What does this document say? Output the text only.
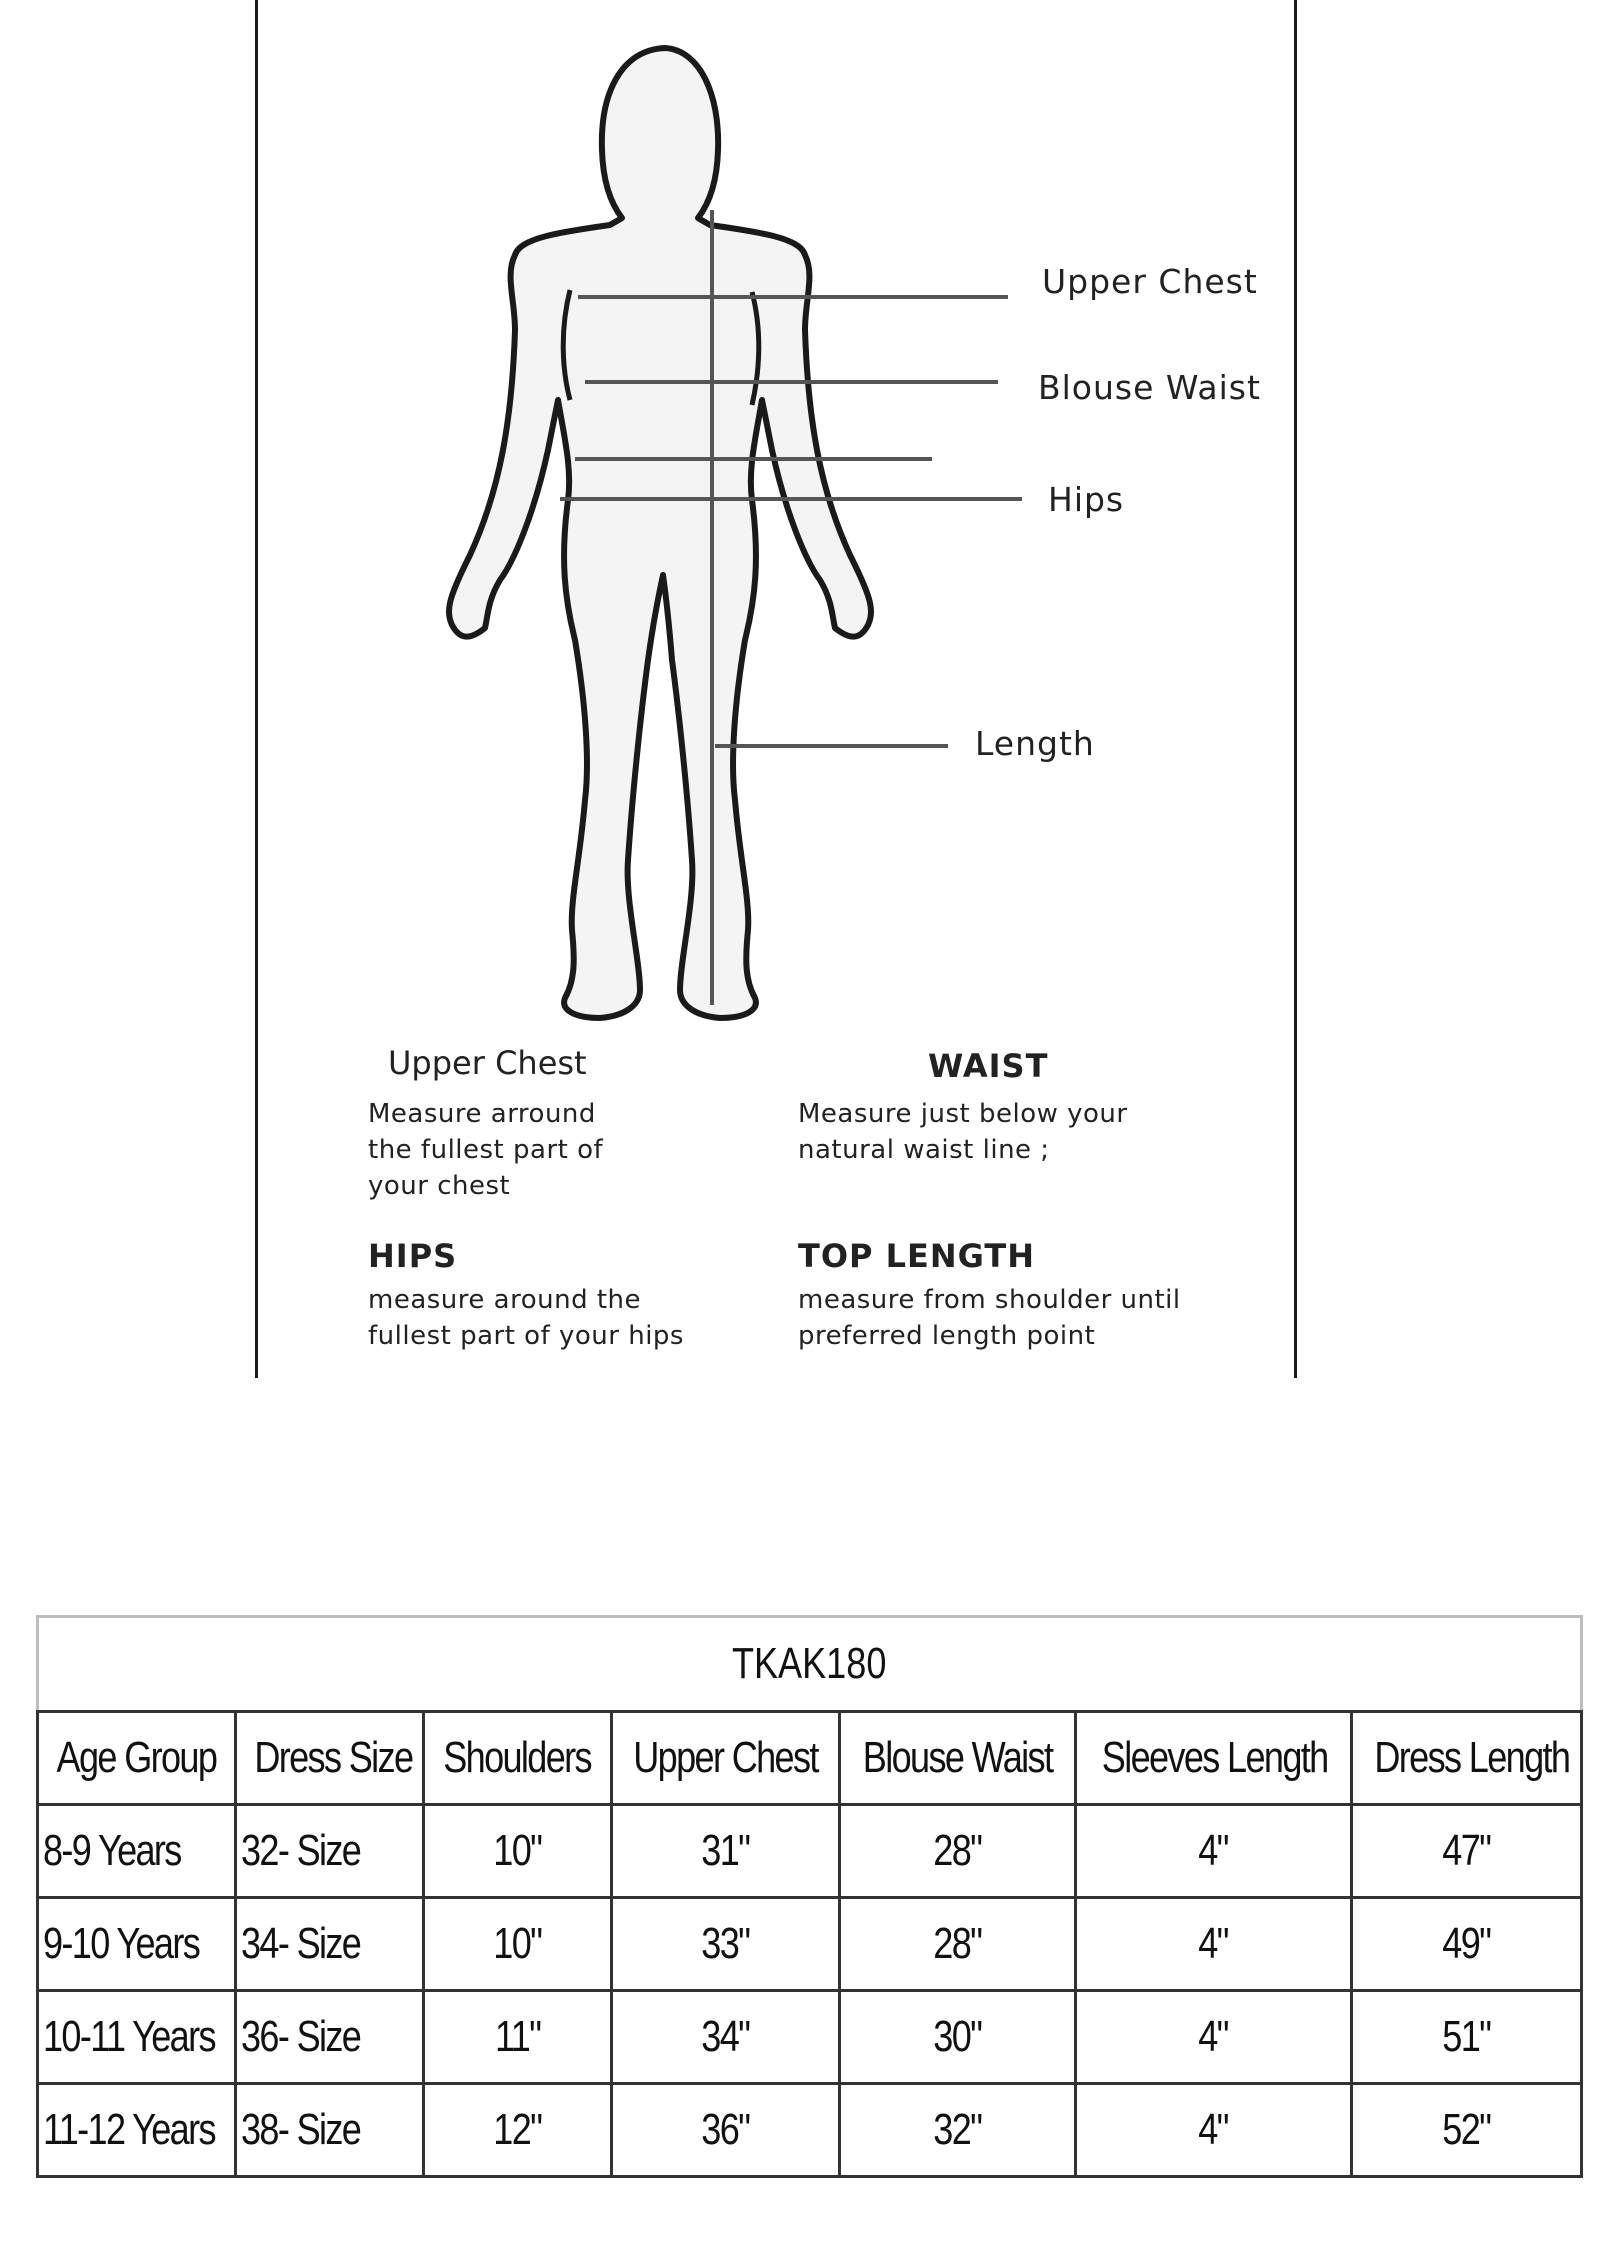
Upper Chest
Blouse Waist
Hips
Length
Upper Chest
Measure arround
the fullest part of
your chest
WAIST
Measure just below your
natural waist line ;
HIPS
measure around the
fullest part of your hips
TOP LENGTH
measure from shoulder until
preferred length point
TKAK180						
Age Group	Dress Size	Shoulders	Upper Chest	Blouse Waist	Sleeves Length	Dress Length
8-9 Years	32- Size	10"	31"	28"	4"	47"
9-10 Years	34- Size	10"	33"	28"	4"	49"
10-11 Years	36- Size	11"	34"	30"	4"	51"
11-12 Years	38- Size	12"	36"	32"	4"	52"
